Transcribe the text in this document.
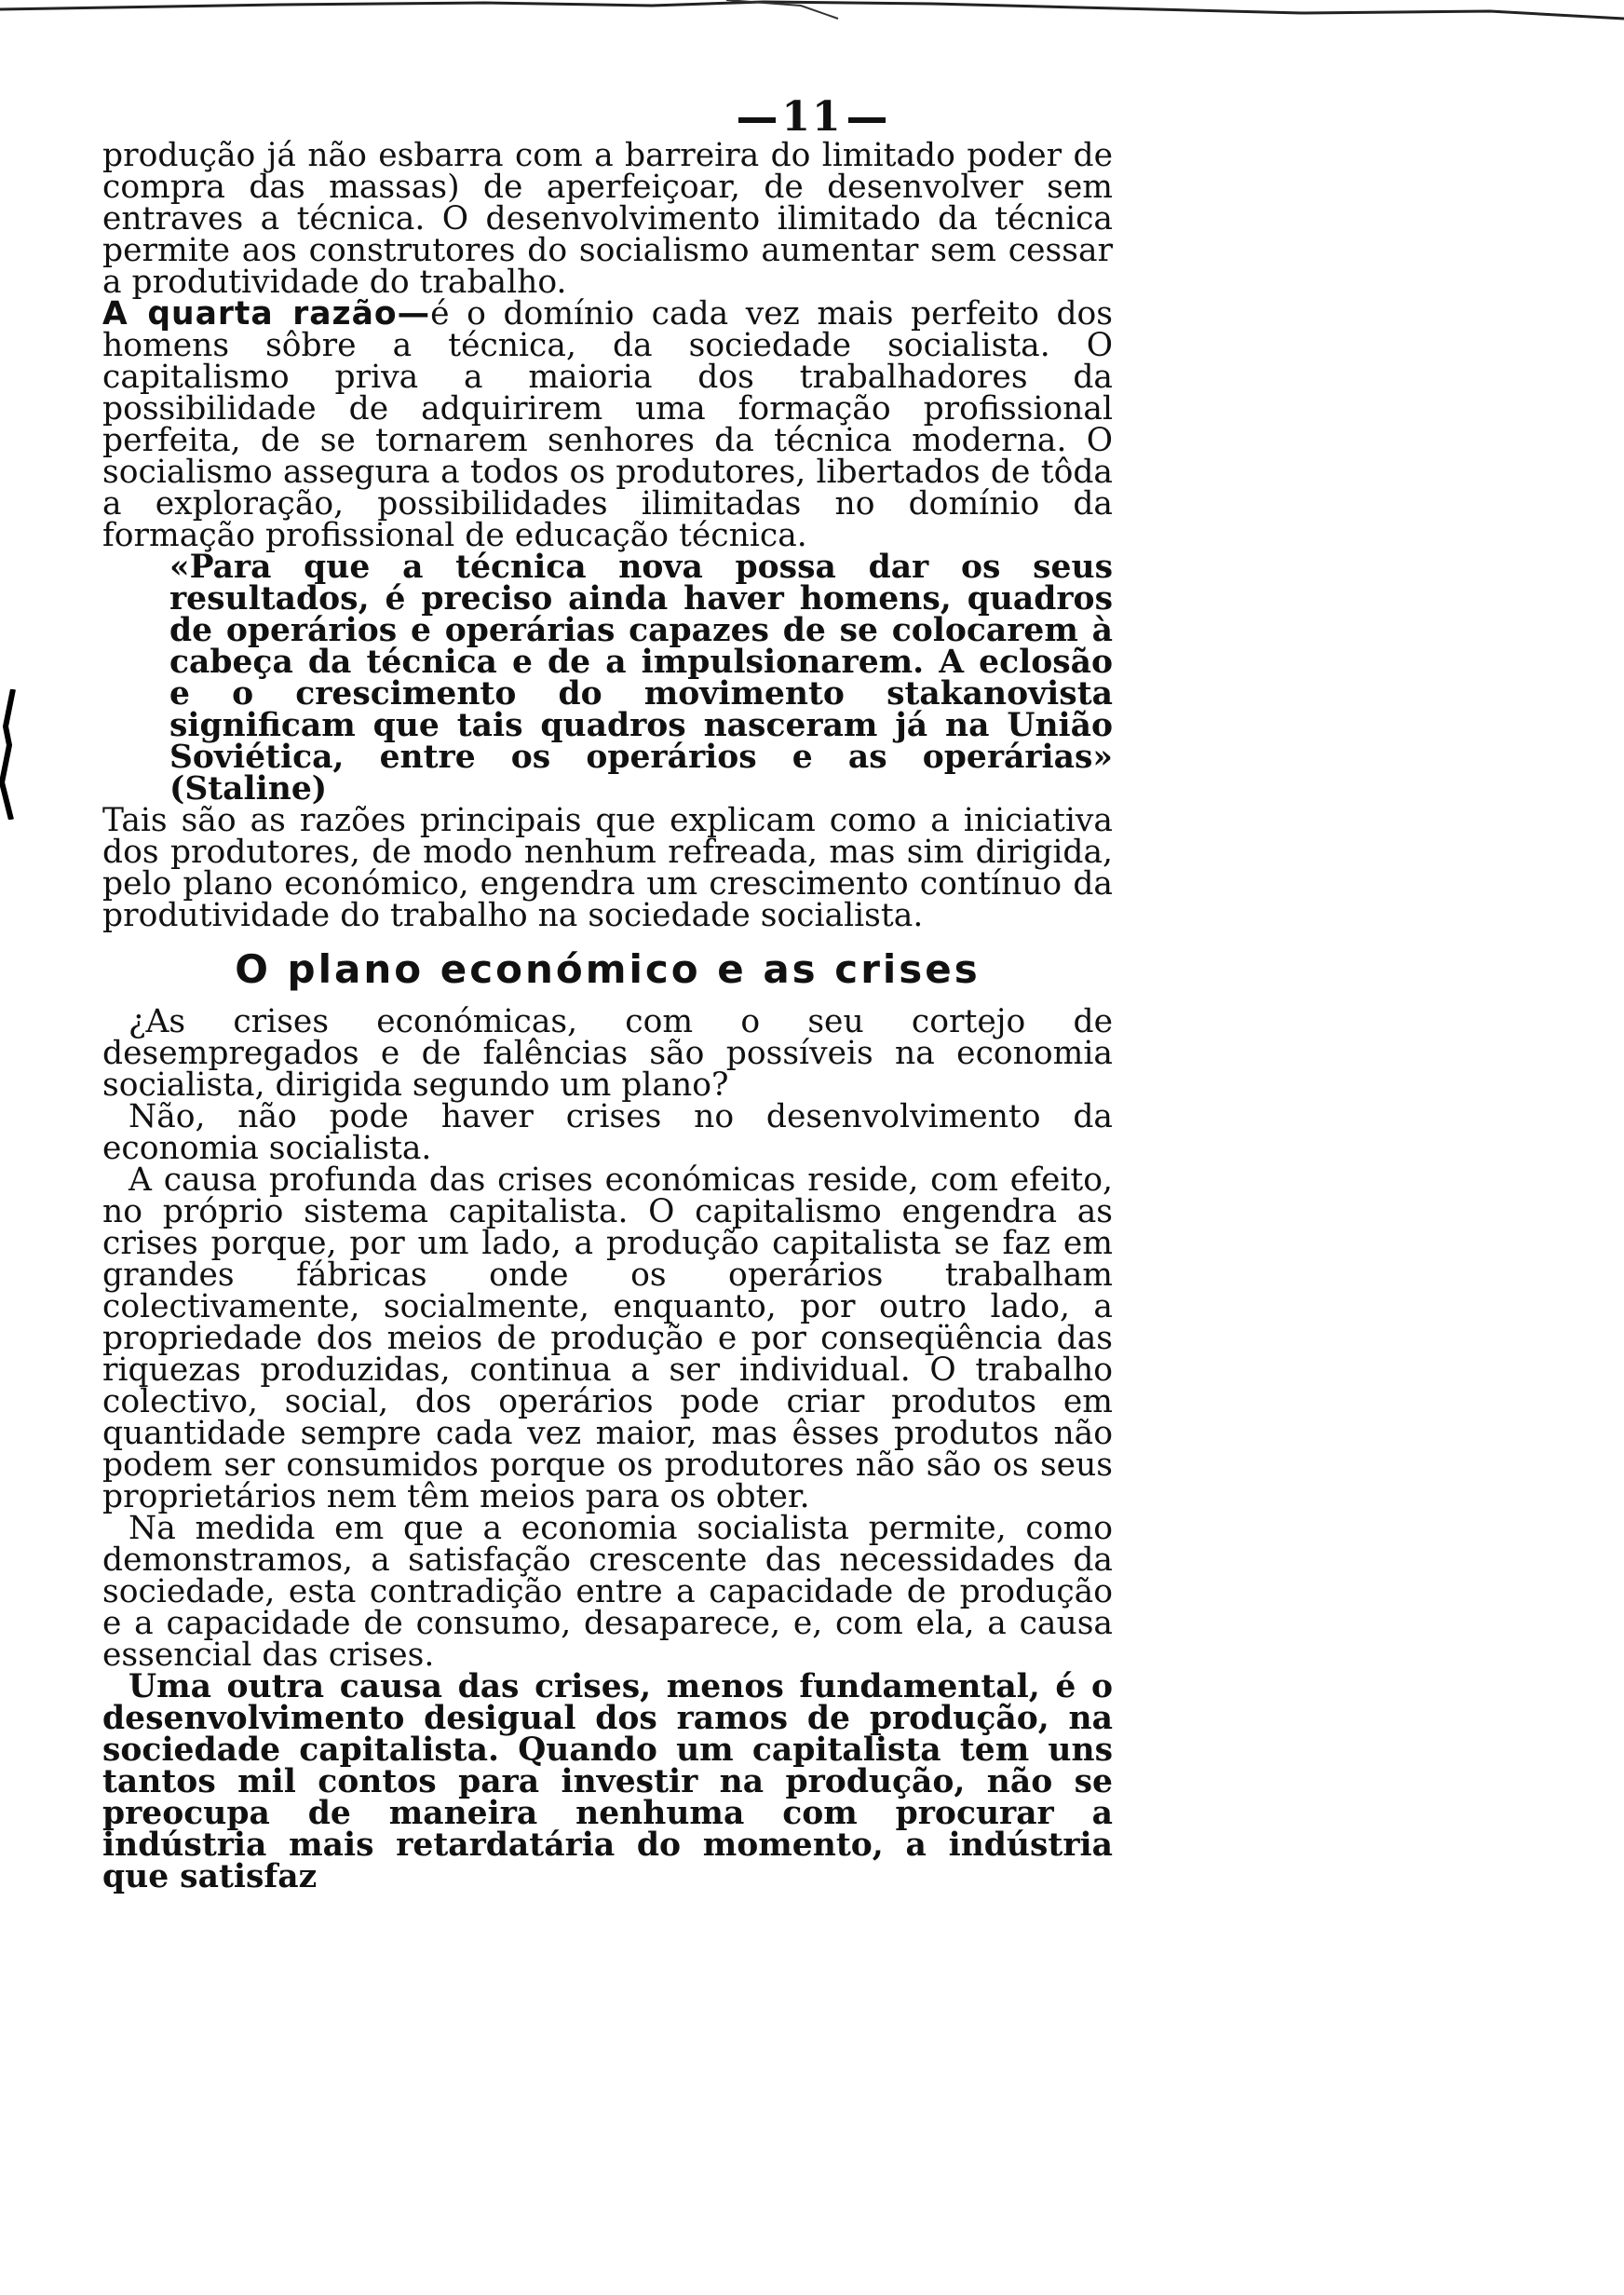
11

produção já não esbarra com a barreira do limitado poder de compra das massas) de aperfeiçoar, de desenvolver sem entraves a técnica. O desenvolvimento ilimitado da técnica permite aos construtores do socialismo aumentar sem cessar a produtividade do trabalho.

A quarta razão—é o domínio cada vez mais perfeito dos homens sôbre a técnica, da sociedade socialista. O capitalismo priva a maioria dos trabalhadores da possibilidade de adquirirem uma formação profissional perfeita, de se tornarem senhores da técnica moderna. O socialismo assegura a todos os produtores, libertados de tôda a exploração, possibilidades ilimitadas no domínio da formação profissional de educação técnica.

«Para que a técnica nova possa dar os seus resultados, é preciso ainda haver homens, quadros de operários e operárias capazes de se colocarem à cabeça da técnica e de a impulsionarem. A eclosão e o crescimento do movimento stakanovista significam que tais quadros nasceram já na União Soviética, entre os operários e as operárias» (Staline)

Tais são as razões principais que explicam como a iniciativa dos produtores, de modo nenhum refreada, mas sim dirigida, pelo plano económico, engendra um crescimento contínuo da produtividade do trabalho na sociedade socialista.

O plano económico e as crises

¿As crises económicas, com o seu cortejo de desempregados e de falências são possíveis na economia socialista, dirigida segundo um plano?

Não, não pode haver crises no desenvolvimento da economia socialista.

A causa profunda das crises económicas reside, com efeito, no próprio sistema capitalista. O capitalismo engendra as crises porque, por um lado, a produção capitalista se faz em grandes fábricas onde os operários trabalham colectivamente, socialmente, enquanto, por outro lado, a propriedade dos meios de produção e por conseqüência das riquezas produzidas, continua a ser individual. O trabalho colectivo, social, dos operários pode criar produtos em quantidade sempre cada vez maior, mas êsses produtos não podem ser consumidos porque os produtores não são os seus proprietários nem têm meios para os obter.

Na medida em que a economia socialista permite, como demonstramos, a satisfação crescente das necessidades da sociedade, esta contradição entre a capacidade de produção e a capacidade de consumo, desaparece, e, com ela, a causa essencial das crises.

Uma outra causa das crises, menos fundamental, é o desenvolvimento desigual dos ramos de produção, na sociedade capitalista. Quando um capitalista tem uns tantos mil contos para investir na produção, não se preocupa de maneira nenhuma com procurar a indústria mais retardatária do momento, a indústria que satisfaz
